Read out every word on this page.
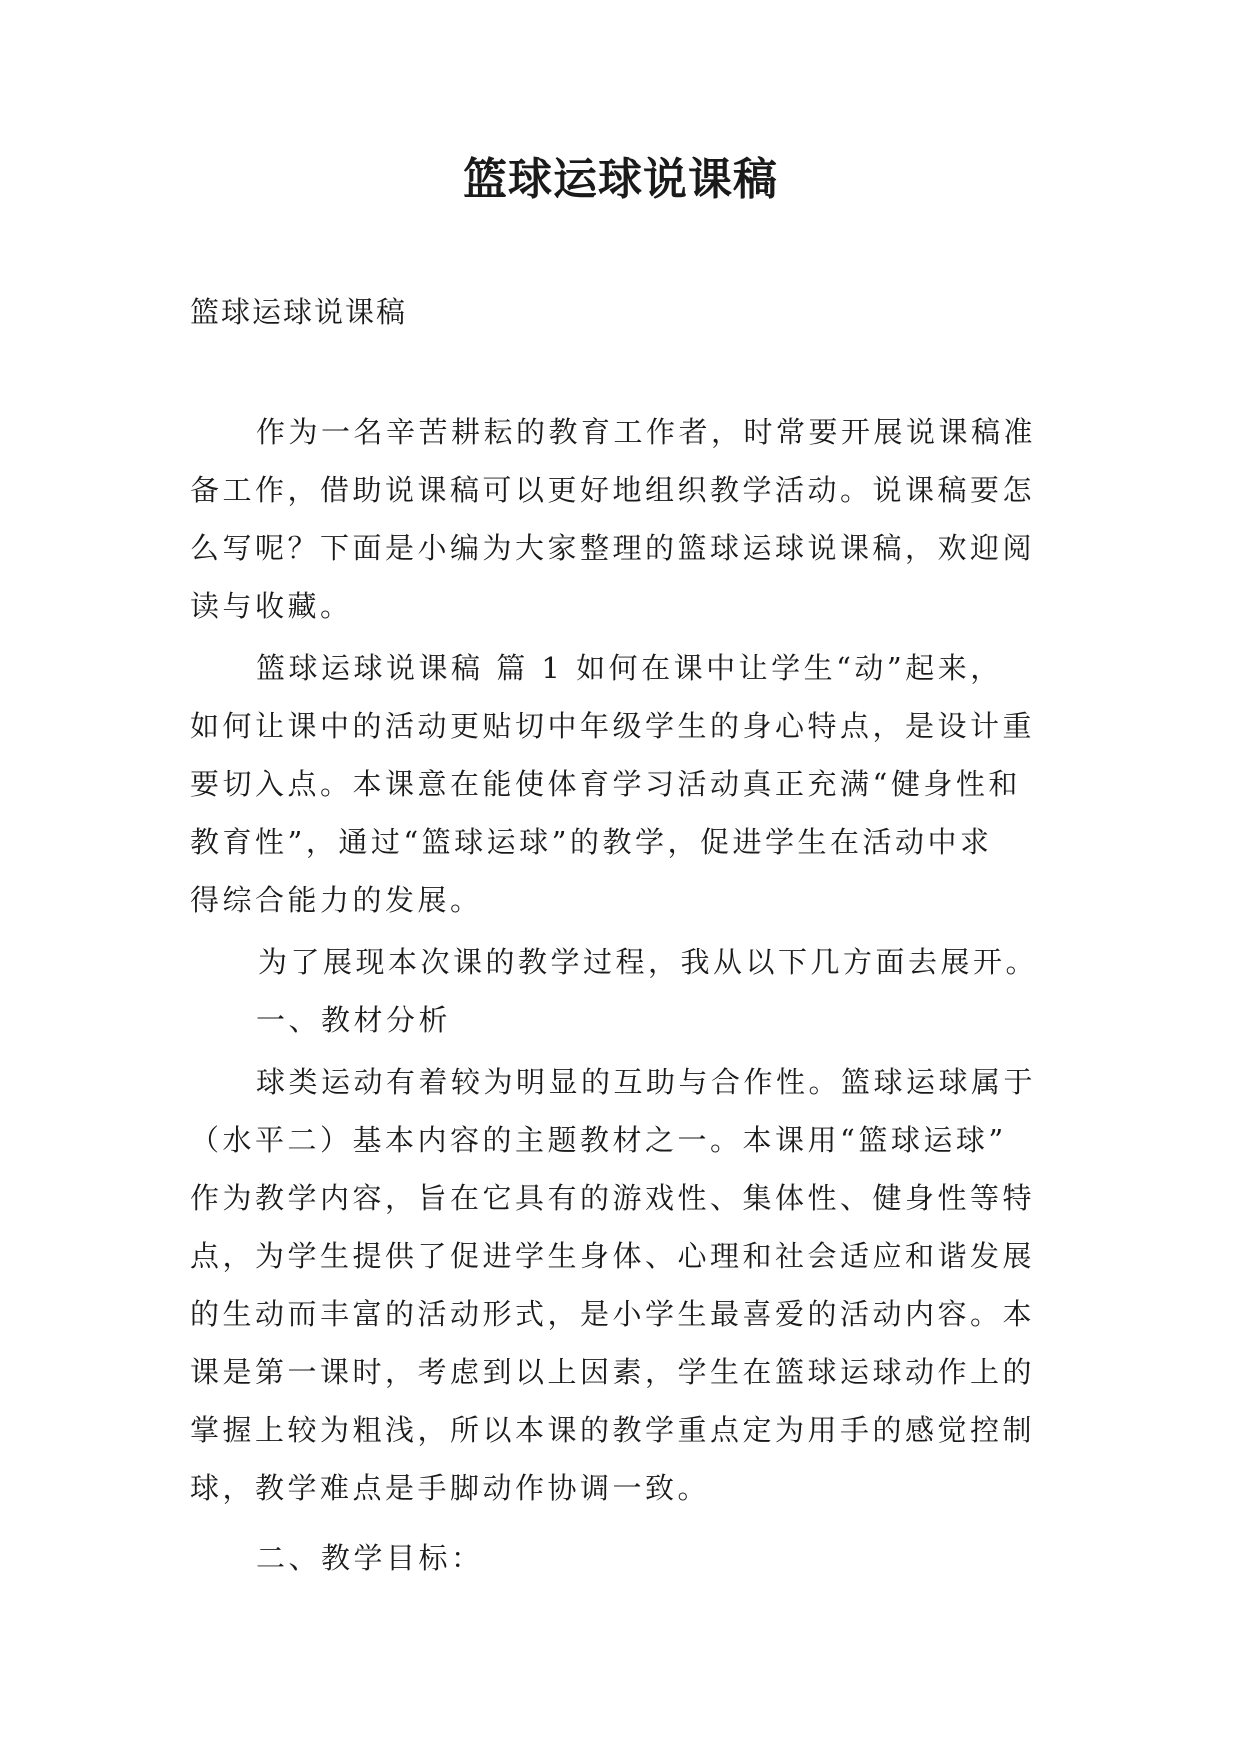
篮球运球说课稿
篮球运球说课稿
作为一名辛苦耕耘的教育工作者，时常要开展说课稿准
备工作，借助说课稿可以更好地组织教学活动。说课稿要怎
么写呢？下面是小编为大家整理的篮球运球说课稿，欢迎阅
读与收藏。
篮球运球说课稿 篇 1 如何在课中让学生“动”起来，
如何让课中的活动更贴切中年级学生的身心特点，是设计重
要切入点。本课意在能使体育学习活动真正充满“健身性和
教育性”，通过“篮球运球”的教学，促进学生在活动中求
得综合能力的发展。
为了展现本次课的教学过程，我从以下几方面去展开。
一、教材分析
球类运动有着较为明显的互助与合作性。篮球运球属于
（水平二）基本内容的主题教材之一。本课用“篮球运球”
作为教学内容，旨在它具有的游戏性、集体性、健身性等特
点，为学生提供了促进学生身体、心理和社会适应和谐发展
的生动而丰富的活动形式，是小学生最喜爱的活动内容。本
课是第一课时，考虑到以上因素，学生在篮球运球动作上的
掌握上较为粗浅，所以本课的教学重点定为用手的感觉控制
球，教学难点是手脚动作协调一致。
二、教学目标：
